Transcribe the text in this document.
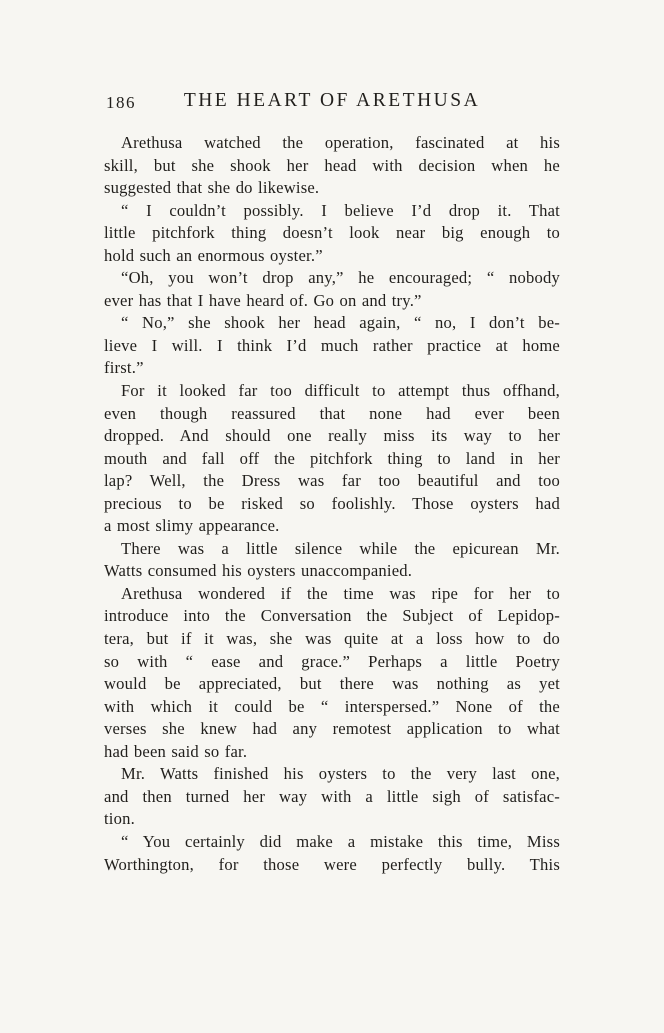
186	THE HEART OF ARETHUSA
Arethusa watched the operation, fascinated at his
skill, but she shook her head with decision when he
suggested that she do likewise.
“ I couldn’t possibly. I believe I’d drop it. That
little pitchfork thing doesn’t look near big enough to
hold such an enormous oyster.”
“Oh, you won’t drop any,” he encouraged; “ nobody
ever has that I have heard of. Go on and try.”
“ No,” she shook her head again, “ no, I don’t be-
lieve I will. I think I’d much rather practice at home
first.”
For it looked far too difficult to attempt thus offhand,
even though reassured that none had ever been
dropped. And should one really miss its way to her
mouth and fall off the pitchfork thing to land in her
lap? Well, the Dress was far too beautiful and too
precious to be risked so foolishly. Those oysters had
a most slimy appearance.
There was a little silence while the epicurean Mr.
Watts consumed his oysters unaccompanied.
Arethusa wondered if the time was ripe for her to
introduce into the Conversation the Subject of Lepidop-
tera, but if it was, she was quite at a loss how to do
so with “ ease and grace.” Perhaps a little Poetry
would be appreciated, but there was nothing as yet
with which it could be “ interspersed.” None of the
verses she knew had any remotest application to what
had been said so far.
Mr. Watts finished his oysters to the very last one,
and then turned her way with a little sigh of satisfac-
tion.
“ You certainly did make a mistake this time, Miss
Worthington, for those were perfectly bully. This
